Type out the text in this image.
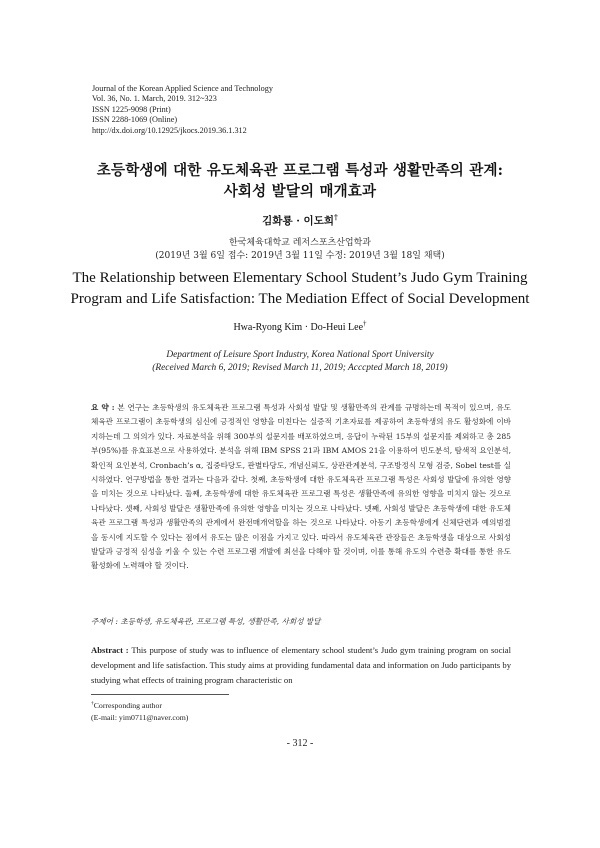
Journal of the Korean Applied Science and Technology
Vol. 36, No. 1. March, 2019. 312~323
ISSN 1225-9098 (Print)
ISSN 2288-1069 (Online)
http://dx.doi.org/10.12925/jkocs.2019.36.1.312
초등학생에 대한 유도체육관 프로그램 특성과 생활만족의 관계:
사회성 발달의 매개효과
김화룡 · 이도희†
한국체육대학교 레저스포츠산업학과
(2019년 3월 6일 접수: 2019년 3월 11일 수정: 2019년 3월 18일 채택)
The Relationship between Elementary School Student’s Judo Gym Training
Program and Life Satisfaction: The Mediation Effect of Social Development
Hwa-Ryong Kim · Do-Heui Lee†
Department of Leisure Sport Industry, Korea National Sport University
(Received March 6, 2019; Revised March 11, 2019; Acccpted March 18, 2019)
요 약 : 본 연구는 초등학생의 유도체육관 프로그램 특성과 사회성 발달 및 생활만족의 관계를 규명하는데 목적이 있으며, 유도체육관 프로그램이 초등학생의 심신에 긍정적인 영향을 미친다는 실증적 기초자료를 제공하여 초등학생의 유도 활성화에 이바지하는데 그 의의가 있다. 자료분석을 위해 300부의 설문지를 배포하였으며, 응답이 누락된 15부의 설문지를 제외하고 총 285부(95%)를 유효표본으로 사용하였다. 분석을 위해 IBM SPSS 21과 IBM AMOS 21을 이용하여 빈도분석, 탐색적 요인분석, 확인적 요인분석, Cronbach’s α, 집중타당도, 판별타당도, 개념신뢰도, 상관관계분석, 구조방정식 모형 검증, Sobel test를 실시하였다. 연구방법을 통한 결과는 다음과 같다. 첫째, 초등학생에 대한 유도체육관 프로그램 특성은 사회성 발달에 유의한 영향을 미치는 것으로 나타났다. 둘째, 초등학생에 대한 유도체육관 프로그램 특성은 생활만족에 유의한 영향을 미치지 않는 것으로 나타났다. 셋째, 사회성 발달은 생활만족에 유의한 영향을 미치는 것으로 나타났다. 넷째, 사회성 발달은 초등학생에 대한 유도체육관 프로그램 특성과 생활만족의 관계에서 완전매개역할을 하는 것으로 나타났다. 아동기 초등학생에게 신체단련과 예의범절을 동시에 지도할 수 있다는 점에서 유도는 많은 이점을 가지고 있다. 따라서 유도체육관 관장들은 초등학생을 대상으로 사회성 발달과 긍정적 심성을 키울 수 있는 수련 프로그램 개발에 최선을 다해야 할 것이며, 이를 통해 유도의 수련층 확대를 통한 유도 활성화에 노력해야 할 것이다.
주제어 : 초등학생, 유도체육관, 프로그램 특성, 생활만족, 사회성 발달
Abstract : This purpose of study was to influence of elementary school student’s Judo gym training program on social development and life satisfaction. This study aims at providing fundamental data and information on Judo participants by studying what effects of training program characteristic on
†Corresponding author
(E-mail: yim0711@naver.com)
- 312 -
